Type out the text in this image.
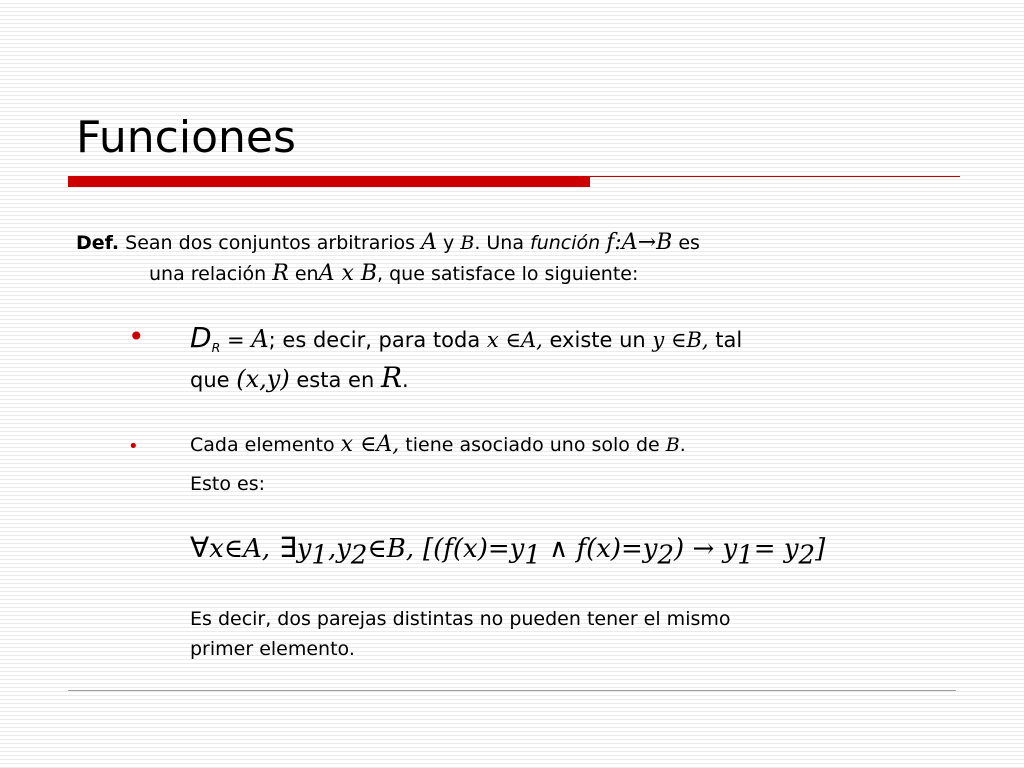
Funciones
Def. Sean dos conjuntos arbitrarios A y B. Una función f:A→B es
una relación R enA x B, que satisface lo siguiente:
• $D_R = A$; es decir, para toda x ∈A, existe un y ∈B, tal
que (x,y) esta en R.
•	Cada elemento x ∈A, tiene asociado uno solo de B.
Esto es:
∀x∈A, $\exists y_1,y_2\in B$, [($f(x)=y_1$ ∧ $f(x)=y_2) \to y_1= y_2$]
Es decir, dos parejas distintas no pueden tener el mismo
primer elemento.
